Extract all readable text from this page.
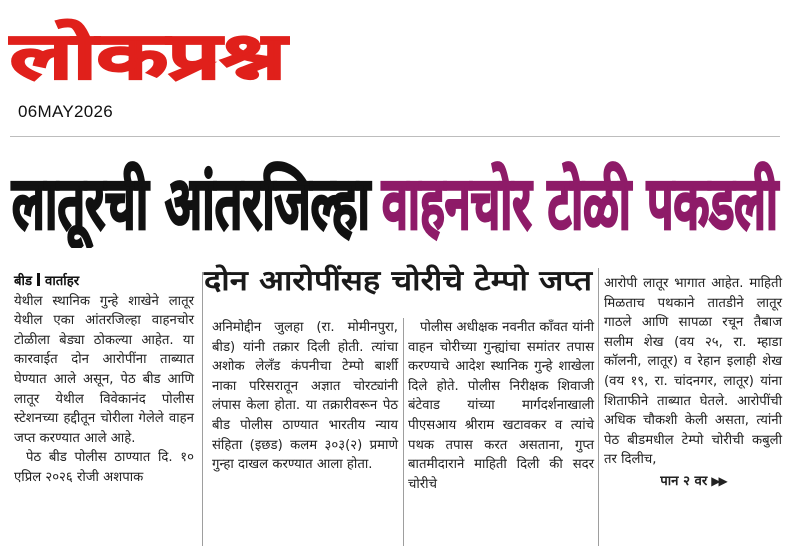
लोकप्रश्न
06MAY2026
लातूरची आंतरजिल्हा
वाहनचोर टोळी पकडली

बीड वार्ताहर

येथील स्थानिक गुन्हे शाखेने लातूर येथील एका आंतरजिल्हा वाहनचोर टोळीला बेड्या ठोकल्या आहेत. या कारवाईत दोन आरोपींना ताब्यात घेण्यात आले असून, पेठ बीड आणि लातूर येथील विवेकानंद पोलीस स्टेशनच्या हद्दीतून चोरीला गेलेले वाहन जप्त करण्यात आले आहे.

पेठ बीड पोलीस ठाण्यात दि. १० एप्रिल २०२६ रोजी अशपाक

दोन आरोपींसह चोरीचे टेम्पो जप्त

अनिमोद्दीन जुलहा (रा. मोमीनपुरा, बीड) यांनी तक्रार दिली होती. त्यांचा अशोक लेलँड कंपनीचा टेम्पो बार्शी नाका परिसरातून अज्ञात चोरट्यांनी लंपास केला होता. या तक्रारीवरून पेठ बीड पोलीस ठाण्यात भारतीय न्याय संहिता (इछड) कलम ३०३(२) प्रमाणे गुन्हा दाखल करण्यात आला होता.

पोलीस अधीक्षक नवनीत काँवत यांनी वाहन चोरीच्या गुन्ह्यांचा समांतर तपास करण्याचे आदेश स्थानिक गुन्हे शाखेला दिले होते. पोलीस निरीक्षक शिवाजी बंटेवाड यांच्या मार्गदर्शनाखाली पीएसआय श्रीराम खटावकर व त्यांचे पथक तपास करत असताना, गुप्त बातमीदाराने माहिती दिली की सदर चोरीचे

आरोपी लातूर भागात आहेत. माहिती मिळताच पथकाने तातडीने लातूर गाठले आणि सापळा रचून तैबाज सलीम शेख (वय २५, रा. म्हाडा कॉलनी, लातूर) व रेहान इलाही शेख (वय १९, रा. चांदनगर, लातूर) यांना शिताफीने ताब्यात घेतले. आरोपींची अधिक चौकशी केली असता, त्यांनी पेठ बीडमधील टेम्पो चोरीची कबुली तर दिलीच,

पान २ वर ▶▶
